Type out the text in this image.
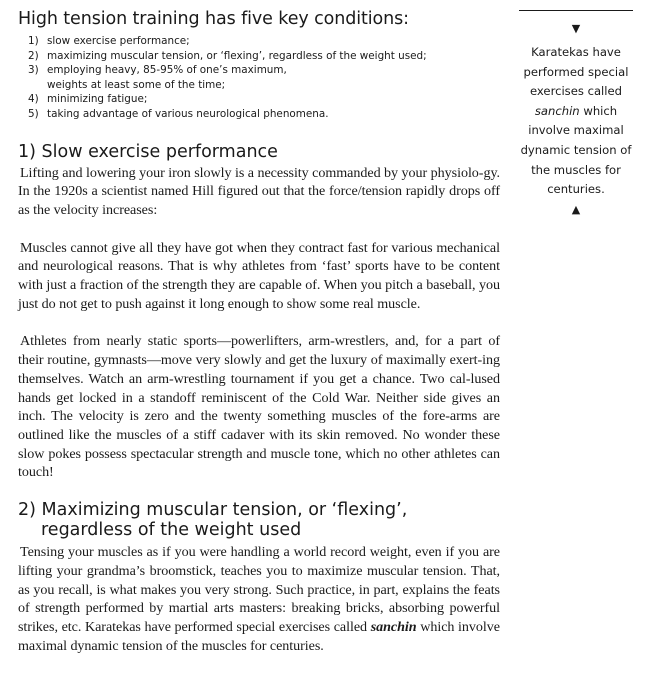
High tension training has five key conditions:
1) slow exercise performance;
2) maximizing muscular tension, or ‘flexing’, regardless of the weight used;
3) employing heavy, 85-95% of one’s maximum,
weights at least some of the time;
4) minimizing fatigue;
5) taking advantage of various neurological phenomena.
1) Slow exercise performance

Lifting and lowering your iron slowly is a necessity commanded by your physiolo-gy. In the 1920s a scientist named Hill figured out that the force/tension rapidly drops off as the velocity increases:

Muscles cannot give all they have got when they contract fast for various mechanical and neurological reasons. That is why athletes from ‘fast’ sports have to be content with just a fraction of the strength they are capable of. When you pitch a baseball, you just do not get to push against it long enough to show some real muscle.

Athletes from nearly static sports—powerlifters, arm-wrestlers, and, for a part of their routine, gymnasts—move very slowly and get the luxury of maximally exert-ing themselves. Watch an arm-wrestling tournament if you get a chance. Two cal-lused hands get locked in a standoff reminiscent of the Cold War. Neither side gives an inch. The velocity is zero and the twenty something muscles of the fore-arms are outlined like the muscles of a stiff cadaver with its skin removed. No wonder these slow pokes possess spectacular strength and muscle tone, which no other athletes can touch!

2) Maximizing muscular tension, or ‘flexing’,
regardless of the weight used

Tensing your muscles as if you were handling a world record weight, even if you are lifting your grandma’s broomstick, teaches you to maximize muscular tension. That, as you recall, is what makes you very strong. Such practice, in part, explains the feats of strength performed by martial arts masters: breaking bricks, absorbing powerful strikes, etc. Karatekas have performed special exercises called sanchin which involve maximal dynamic tension of the muscles for centuries.

▼
Karatekas have performed special exercises called sanchin which involve maximal dynamic tension of the muscles for centuries.
▲
